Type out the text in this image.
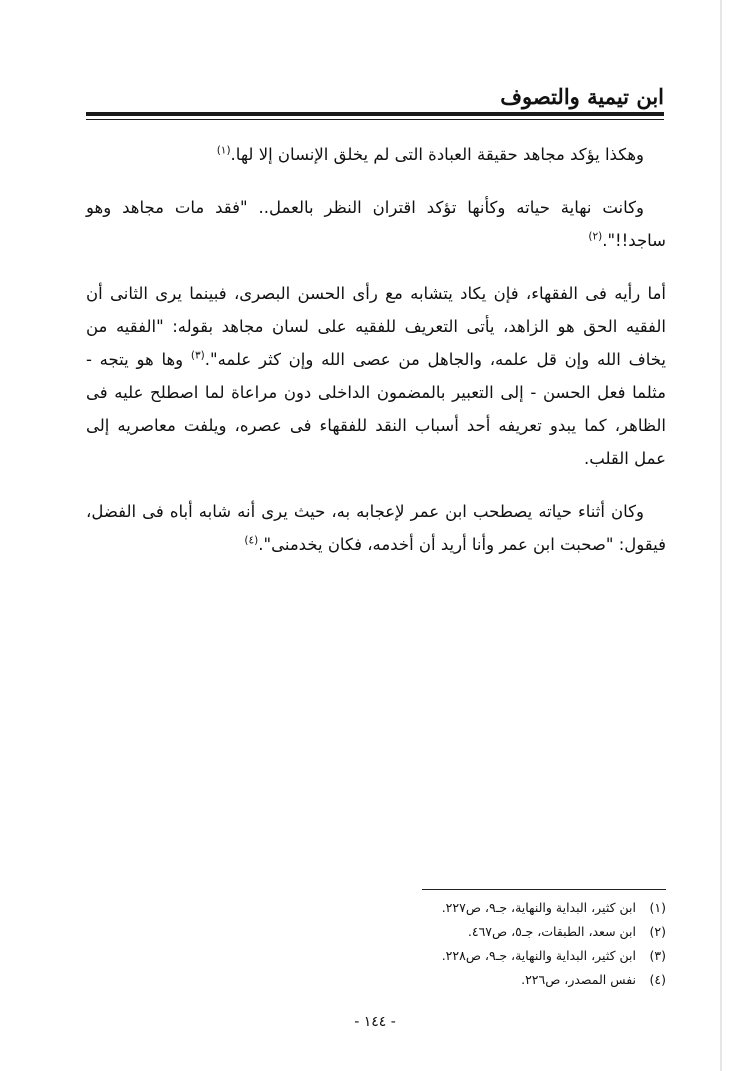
ابن تيمية والتصوف

وهكذا يؤكد مجاهد حقيقة العبادة التى لم يخلق الإنسان إلا لها.$^{(١)}$

وكانت نهاية حياته وكأنها تؤكد اقتران النظر بالعمل.. "فقد مات مجاهد وهو ساجد!!".$^{(٢)}$

أما رأيه فى الفقهاء، فإن يكاد يتشابه مع رأى الحسن البصرى، فبينما يرى الثانى أن الفقيه الحق هو الزاهد، يأتى التعريف للفقيه على لسان مجاهد بقوله: "الفقيه من يخاف الله وإن قل علمه، والجاهل من عصى الله وإن كثر علمه".$^{(٣)}$ وها هو يتجه - مثلما فعل الحسن - إلى التعبير بالمضمون الداخلى دون مراعاة لما اصطلح عليه فى الظاهر، كما يبدو تعريفه أحد أسباب النقد للفقهاء فى عصره، ويلفت معاصريه إلى عمل القلب.

وكان أثناء حياته يصطحب ابن عمر لإعجابه به، حيث يرى أنه شابه أباه فى الفضل، فيقول: "صحبت ابن عمر وأنا أريد أن أخدمه، فكان يخدمنى".$^{(٤)}$

(١)ابن كثير، البداية والنهاية، جـ٩، ص٢٢٧.
(٢)ابن سعد، الطبقات، جـ٥، ص٤٦٧.
(٣)ابن كثير، البداية والنهاية، جـ٩، ص٢٢٨.
(٤)نفس المصدر، ص٢٢٦.
- ١٤٤ -
